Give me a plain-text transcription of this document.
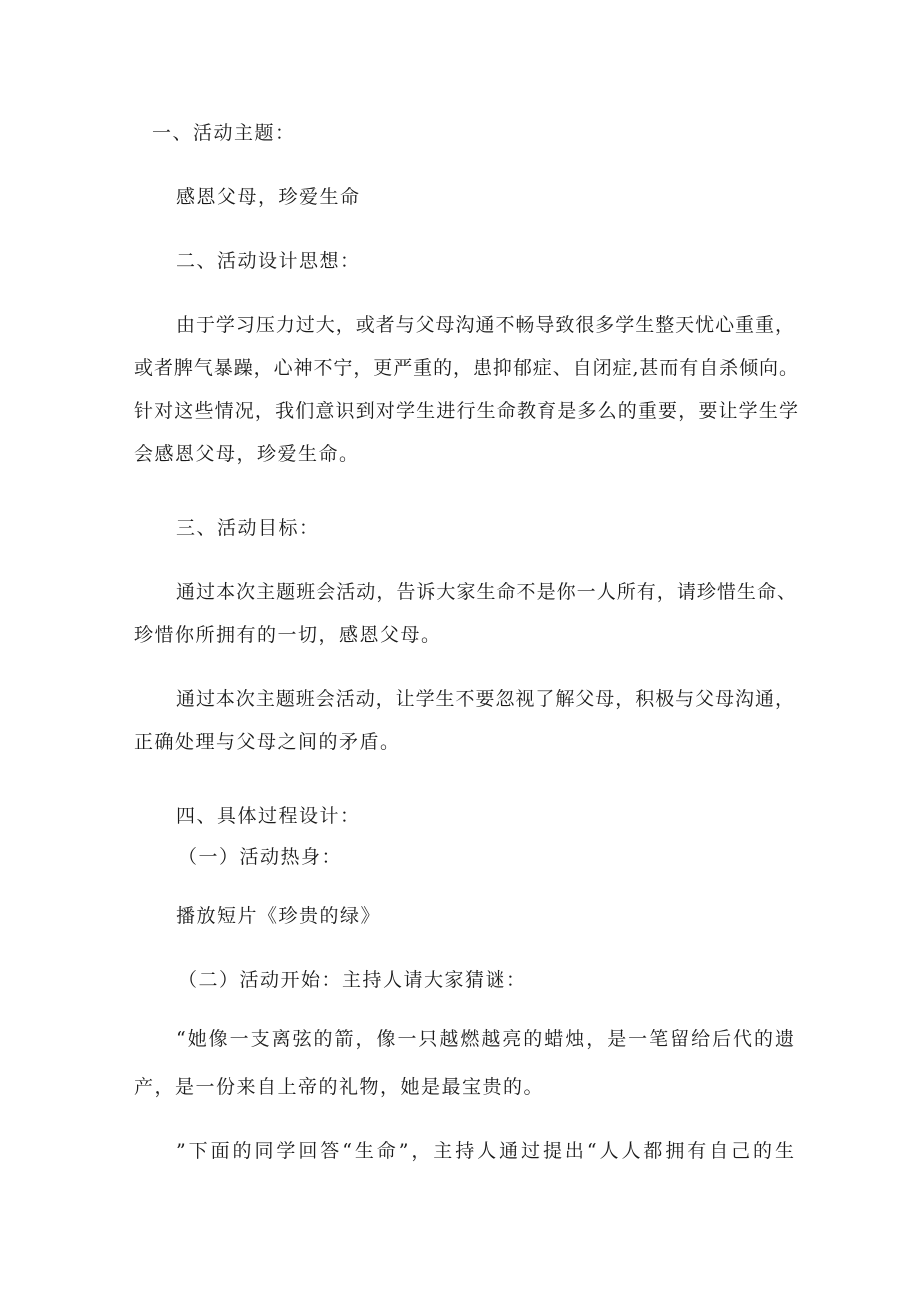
一、活动主题：
感恩父母，珍爱生命
二、活动设计思想：
由于学习压力过大，或者与父母沟通不畅导致很多学生整天忧心重重，
或者脾气暴躁，心神不宁，更严重的，患抑郁症、自闭症,甚而有自杀倾向。
针对这些情况，我们意识到对学生进行生命教育是多么的重要，要让学生学
会感恩父母，珍爱生命。
三、活动目标：
通过本次主题班会活动，告诉大家生命不是你一人所有，请珍惜生命、
珍惜你所拥有的一切，感恩父母。
通过本次主题班会活动，让学生不要忽视了解父母，积极与父母沟通，
正确处理与父母之间的矛盾。
四、具体过程设计：
（一）活动热身：
播放短片《珍贵的绿》
（二）活动开始：主持人请大家猜谜：
“她像一支离弦的箭，像一只越燃越亮的蜡烛，是一笔留给后代的遗
产，是一份来自上帝的礼物，她是最宝贵的。
”下面的同学回答“生命”，主持人通过提出“人人都拥有自己的生
